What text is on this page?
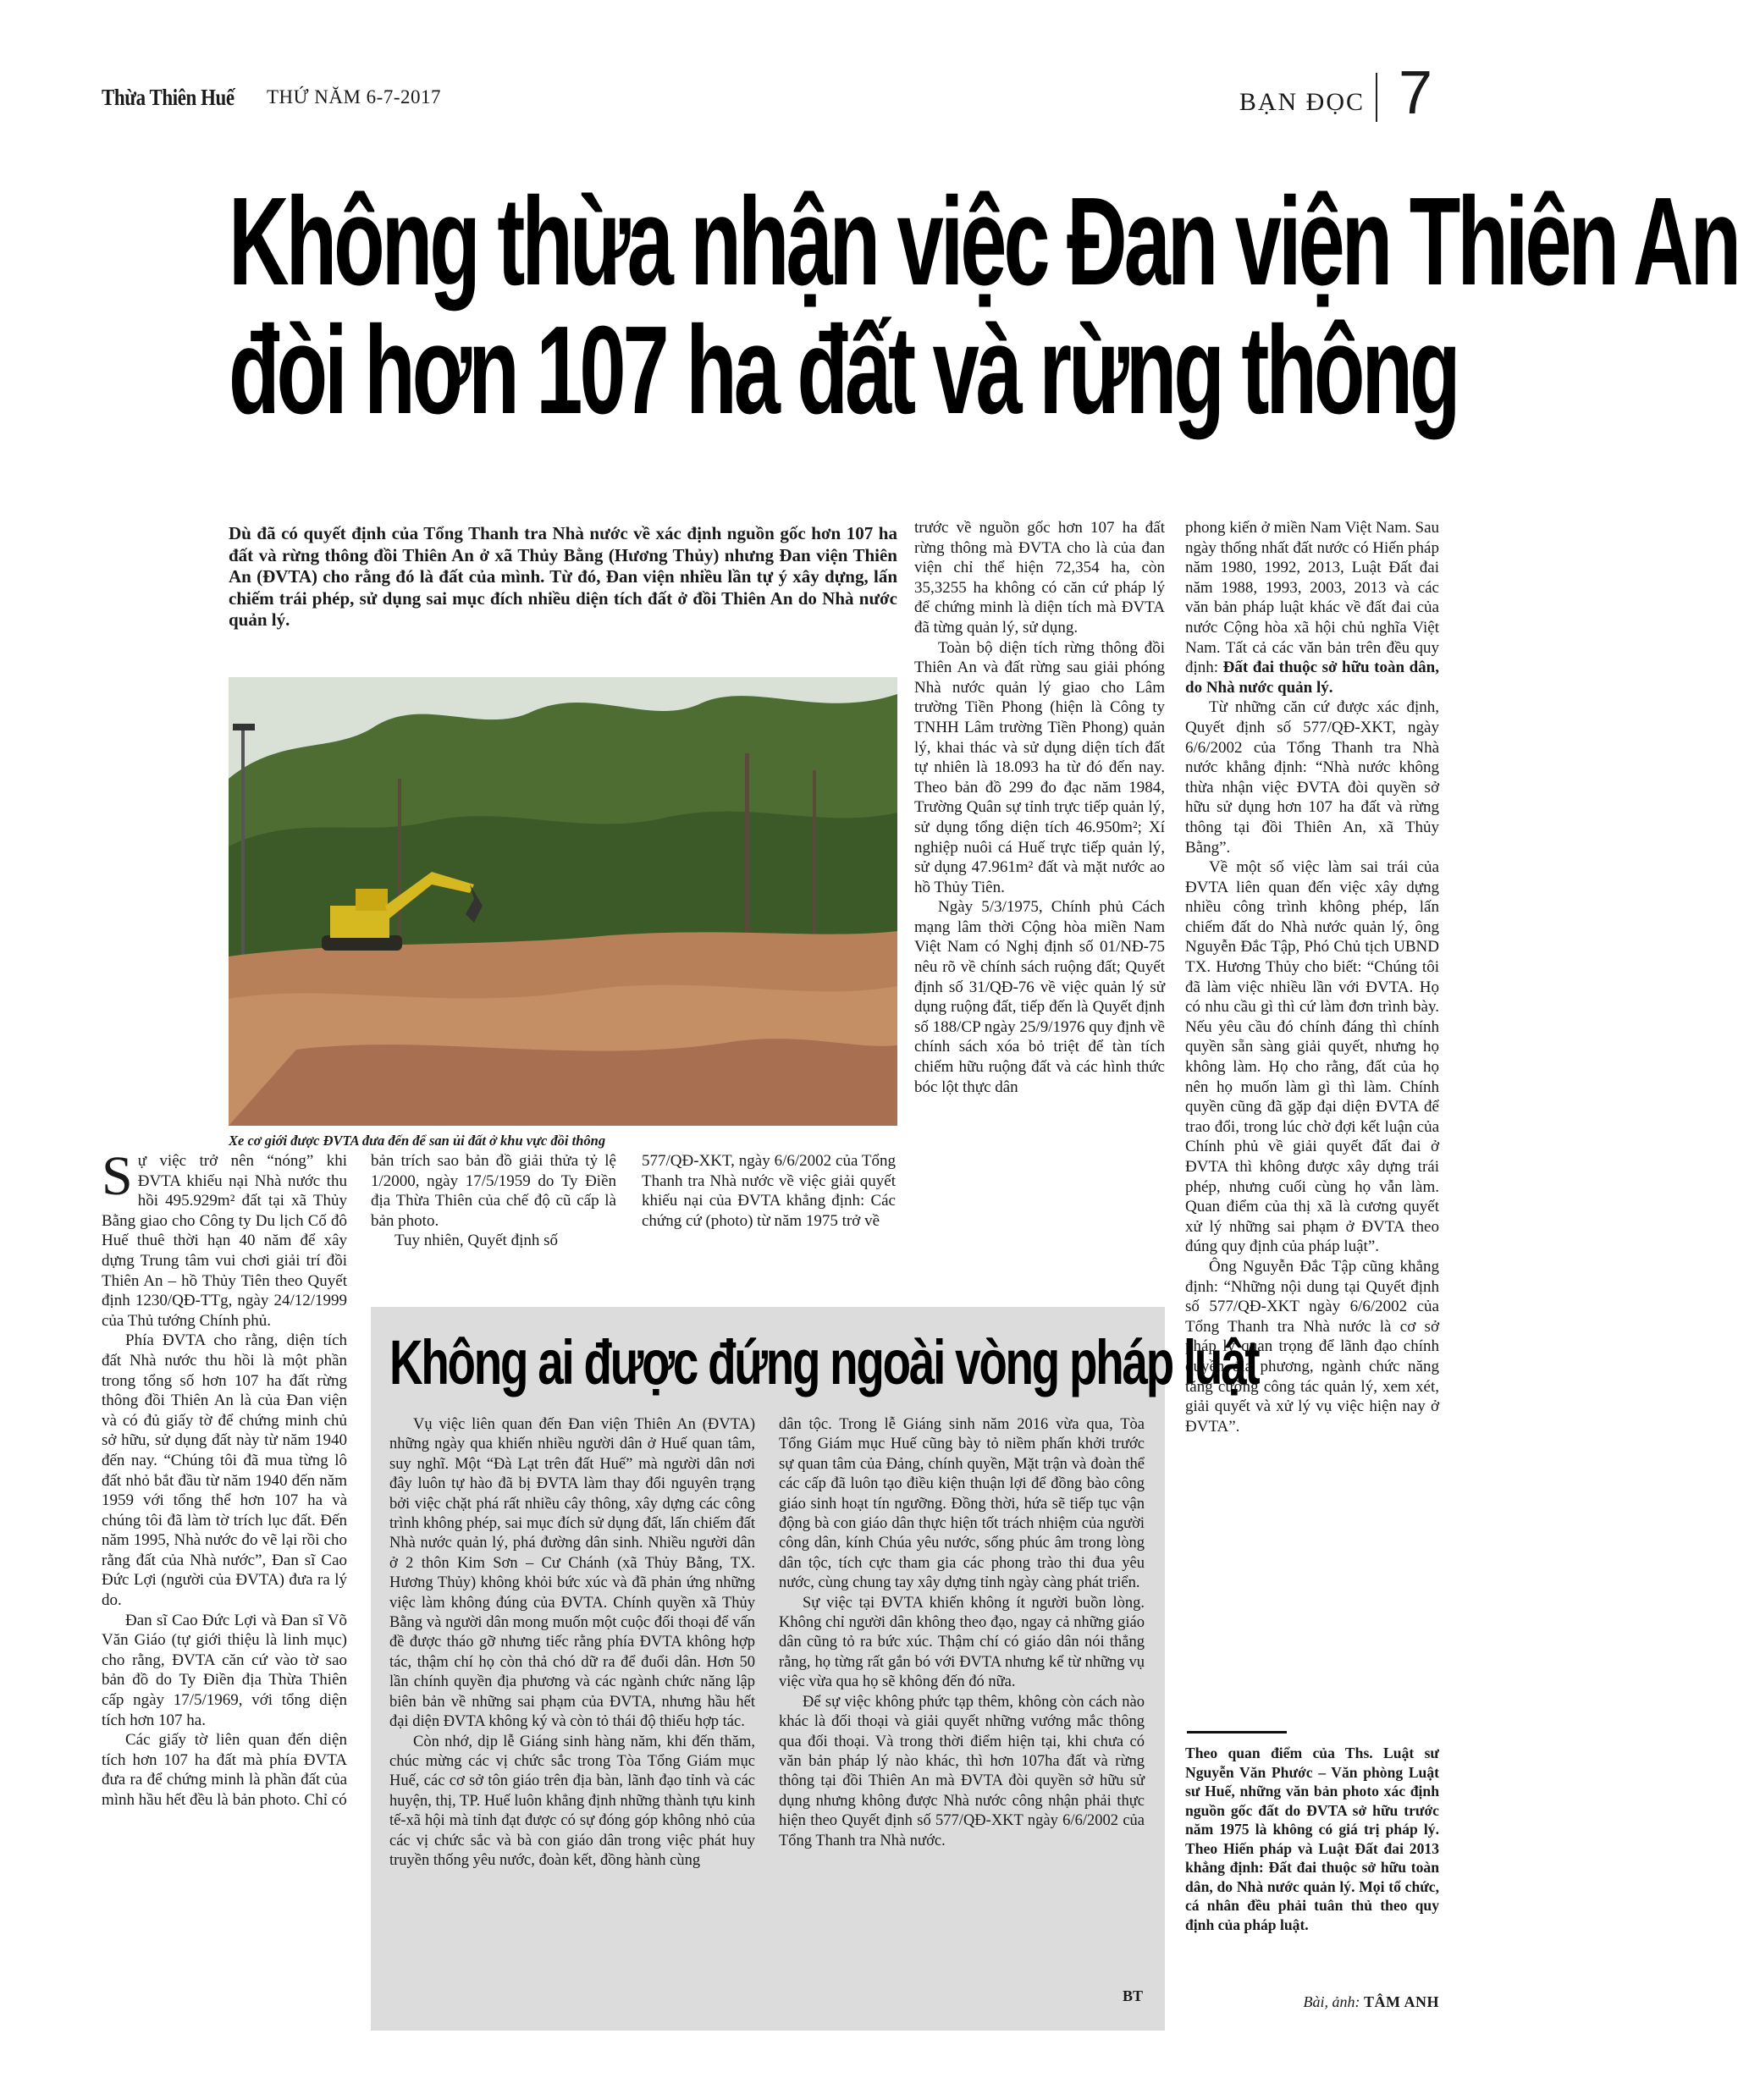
Thừa Thiên Huế THỨ NĂM 6-7-2017	BẠN ĐỌC 7
Không thừa nhận việc Đan viện Thiên An
đòi hơn 107 ha đất và rừng thông

Dù đã có quyết định của Tổng Thanh tra Nhà nước về xác định nguồn gốc hơn 107 ha đất và rừng thông đồi Thiên An ở xã Thủy Bằng (Hương Thủy) nhưng Đan viện Thiên An (ĐVTA) cho rằng đó là đất của mình. Từ đó, Đan viện nhiều lần tự ý xây dựng, lấn chiếm trái phép, sử dụng sai mục đích nhiều diện tích đất ở đồi Thiên An do Nhà nước quản lý.

Xe cơ giới được ĐVTA đưa đến để san ủi đất ở khu vực đồi thông

Sự việc trở nên “nóng” khi ĐVTA khiếu nại Nhà nước thu hồi 495.929m² đất tại xã Thủy Bằng giao cho Công ty Du lịch Cố đô Huế thuê thời hạn 40 năm để xây dựng Trung tâm vui chơi giải trí đồi Thiên An – hồ Thủy Tiên theo Quyết định 1230/QĐ-TTg, ngày 24/12/1999 của Thủ tướng Chính phủ.

Phía ĐVTA cho rằng, diện tích đất Nhà nước thu hồi là một phần trong tổng số hơn 107 ha đất rừng thông đồi Thiên An là của Đan viện và có đủ giấy tờ để chứng minh chủ sở hữu, sử dụng đất này từ năm 1940 đến nay. “Chúng tôi đã mua từng lô đất nhỏ bắt đầu từ năm 1940 đến năm 1959 với tổng thể hơn 107 ha và chúng tôi đã làm tờ trích lục đất. Đến năm 1995, Nhà nước đo vẽ lại rồi cho rằng đất của Nhà nước”, Đan sĩ Cao Đức Lợi (người của ĐVTA) đưa ra lý do.

Đan sĩ Cao Đức Lợi và Đan sĩ Võ Văn Giáo (tự giới thiệu là linh mục) cho rằng, ĐVTA căn cứ vào tờ sao bản đồ do Ty Điền địa Thừa Thiên cấp ngày 17/5/1969, với tổng diện tích hơn 107 ha.

Các giấy tờ liên quan đến diện tích hơn 107 ha đất mà phía ĐVTA đưa ra để chứng minh là phần đất của mình hầu hết đều là bản photo. Chỉ có

bản trích sao bản đồ giải thửa tỷ lệ 1/2000, ngày 17/5/1959 do Ty Điền địa Thừa Thiên của chế độ cũ cấp là bản photo.

Tuy nhiên, Quyết định số

577/QĐ-XKT, ngày 6/6/2002 của Tổng Thanh tra Nhà nước về việc giải quyết khiếu nại của ĐVTA khẳng định: Các chứng cứ (photo) từ năm 1975 trở về

trước về nguồn gốc hơn 107 ha đất rừng thông mà ĐVTA cho là của đan viện chỉ thể hiện 72,354 ha, còn 35,3255 ha không có căn cứ pháp lý để chứng minh là diện tích mà ĐVTA đã từng quản lý, sử dụng.

Toàn bộ diện tích rừng thông đồi Thiên An và đất rừng sau giải phóng Nhà nước quản lý giao cho Lâm trường Tiền Phong (hiện là Công ty TNHH Lâm trường Tiền Phong) quản lý, khai thác và sử dụng diện tích đất tự nhiên là 18.093 ha từ đó đến nay. Theo bản đồ 299 đo đạc năm 1984, Trường Quân sự tỉnh trực tiếp quản lý, sử dụng tổng diện tích 46.950m²; Xí nghiệp nuôi cá Huế trực tiếp quản lý, sử dụng 47.961m² đất và mặt nước ao hồ Thủy Tiên.

Ngày 5/3/1975, Chính phủ Cách mạng lâm thời Cộng hòa miền Nam Việt Nam có Nghị định số 01/NĐ-75 nêu rõ về chính sách ruộng đất; Quyết định số 31/QĐ-76 về việc quản lý sử dụng ruộng đất, tiếp đến là Quyết định số 188/CP ngày 25/9/1976 quy định về chính sách xóa bỏ triệt để tàn tích chiếm hữu ruộng đất và các hình thức bóc lột thực dân

phong kiến ở miền Nam Việt Nam. Sau ngày thống nhất đất nước có Hiến pháp năm 1980, 1992, 2013, Luật Đất đai năm 1988, 1993, 2003, 2013 và các văn bản pháp luật khác về đất đai của nước Cộng hòa xã hội chủ nghĩa Việt Nam. Tất cả các văn bản trên đều quy định: Đất đai thuộc sở hữu toàn dân, do Nhà nước quản lý.

Từ những căn cứ được xác định, Quyết định số 577/QĐ-XKT, ngày 6/6/2002 của Tổng Thanh tra Nhà nước khẳng định: “Nhà nước không thừa nhận việc ĐVTA đòi quyền sở hữu sử dụng hơn 107 ha đất và rừng thông tại đồi Thiên An, xã Thủy Bằng”.

Về một số việc làm sai trái của ĐVTA liên quan đến việc xây dựng nhiều công trình không phép, lấn chiếm đất do Nhà nước quản lý, ông Nguyễn Đắc Tập, Phó Chủ tịch UBND TX. Hương Thủy cho biết: “Chúng tôi đã làm việc nhiều lần với ĐVTA. Họ có nhu cầu gì thì cứ làm đơn trình bày. Nếu yêu cầu đó chính đáng thì chính quyền sẵn sàng giải quyết, nhưng họ không làm. Họ cho rằng, đất của họ nên họ muốn làm gì thì làm. Chính quyền cũng đã gặp đại diện ĐVTA để trao đổi, trong lúc chờ đợi kết luận của Chính phủ về giải quyết đất đai ở ĐVTA thì không được xây dựng trái phép, nhưng cuối cùng họ vẫn làm. Quan điểm của thị xã là cương quyết xử lý những sai phạm ở ĐVTA theo đúng quy định của pháp luật”.

Ông Nguyễn Đắc Tập cũng khẳng định: “Những nội dung tại Quyết định số 577/QĐ-XKT ngày 6/6/2002 của Tổng Thanh tra Nhà nước là cơ sở pháp lý quan trọng để lãnh đạo chính quyền địa phương, ngành chức năng tăng cường công tác quản lý, xem xét, giải quyết và xử lý vụ việc hiện nay ở ĐVTA”.

Không ai được đứng ngoài vòng pháp luật

Vụ việc liên quan đến Đan viện Thiên An (ĐVTA) những ngày qua khiến nhiều người dân ở Huế quan tâm, suy nghĩ. Một “Đà Lạt trên đất Huế” mà người dân nơi đây luôn tự hào đã bị ĐVTA làm thay đổi nguyên trạng bởi việc chặt phá rất nhiều cây thông, xây dựng các công trình không phép, sai mục đích sử dụng đất, lấn chiếm đất Nhà nước quản lý, phá đường dân sinh. Nhiều người dân ở 2 thôn Kim Sơn – Cư Chánh (xã Thủy Bằng, TX. Hương Thủy) không khỏi bức xúc và đã phản ứng những việc làm không đúng của ĐVTA. Chính quyền xã Thủy Bằng và người dân mong muốn một cuộc đối thoại để vấn đề được tháo gỡ nhưng tiếc rằng phía ĐVTA không hợp tác, thậm chí họ còn thả chó dữ ra để đuổi dân. Hơn 50 lần chính quyền địa phương và các ngành chức năng lập biên bản về những sai phạm của ĐVTA, nhưng hầu hết đại diện ĐVTA không ký và còn tỏ thái độ thiếu hợp tác.

Còn nhớ, dịp lễ Giáng sinh hàng năm, khi đến thăm, chúc mừng các vị chức sắc trong Tòa Tổng Giám mục Huế, các cơ sở tôn giáo trên địa bàn, lãnh đạo tỉnh và các huyện, thị, TP. Huế luôn khẳng định những thành tựu kinh tế-xã hội mà tỉnh đạt được có sự đóng góp không nhỏ của các vị chức sắc và bà con giáo dân trong việc phát huy truyền thống yêu nước, đoàn kết, đồng hành cùng

dân tộc. Trong lễ Giáng sinh năm 2016 vừa qua, Tòa Tổng Giám mục Huế cũng bày tỏ niềm phấn khởi trước sự quan tâm của Đảng, chính quyền, Mặt trận và đoàn thể các cấp đã luôn tạo điều kiện thuận lợi để đồng bào công giáo sinh hoạt tín ngưỡng. Đồng thời, hứa sẽ tiếp tục vận động bà con giáo dân thực hiện tốt trách nhiệm của người công dân, kính Chúa yêu nước, sống phúc âm trong lòng dân tộc, tích cực tham gia các phong trào thi đua yêu nước, cùng chung tay xây dựng tỉnh ngày càng phát triển.

Sự việc tại ĐVTA khiến không ít người buồn lòng. Không chỉ người dân không theo đạo, ngay cả những giáo dân cũng tỏ ra bức xúc. Thậm chí có giáo dân nói thẳng rằng, họ từng rất gắn bó với ĐVTA nhưng kể từ những vụ việc vừa qua họ sẽ không đến đó nữa.

Để sự việc không phức tạp thêm, không còn cách nào khác là đối thoại và giải quyết những vướng mắc thông qua đối thoại. Và trong thời điểm hiện tại, khi chưa có văn bản pháp lý nào khác, thì hơn 107ha đất và rừng thông tại đồi Thiên An mà ĐVTA đòi quyền sở hữu sử dụng nhưng không được Nhà nước công nhận phải thực hiện theo Quyết định số 577/QĐ-XKT ngày 6/6/2002 của Tổng Thanh tra Nhà nước.

BT

Theo quan điểm của Ths. Luật sư Nguyễn Văn Phước – Văn phòng Luật sư Huế, những văn bản photo xác định nguồn gốc đất do ĐVTA sở hữu trước năm 1975 là không có giá trị pháp lý. Theo Hiến pháp và Luật Đất đai 2013 khẳng định: Đất đai thuộc sở hữu toàn dân, do Nhà nước quản lý. Mọi tổ chức, cá nhân đều phải tuân thủ theo quy định của pháp luật.

Bài, ảnh: TÂM ANH
